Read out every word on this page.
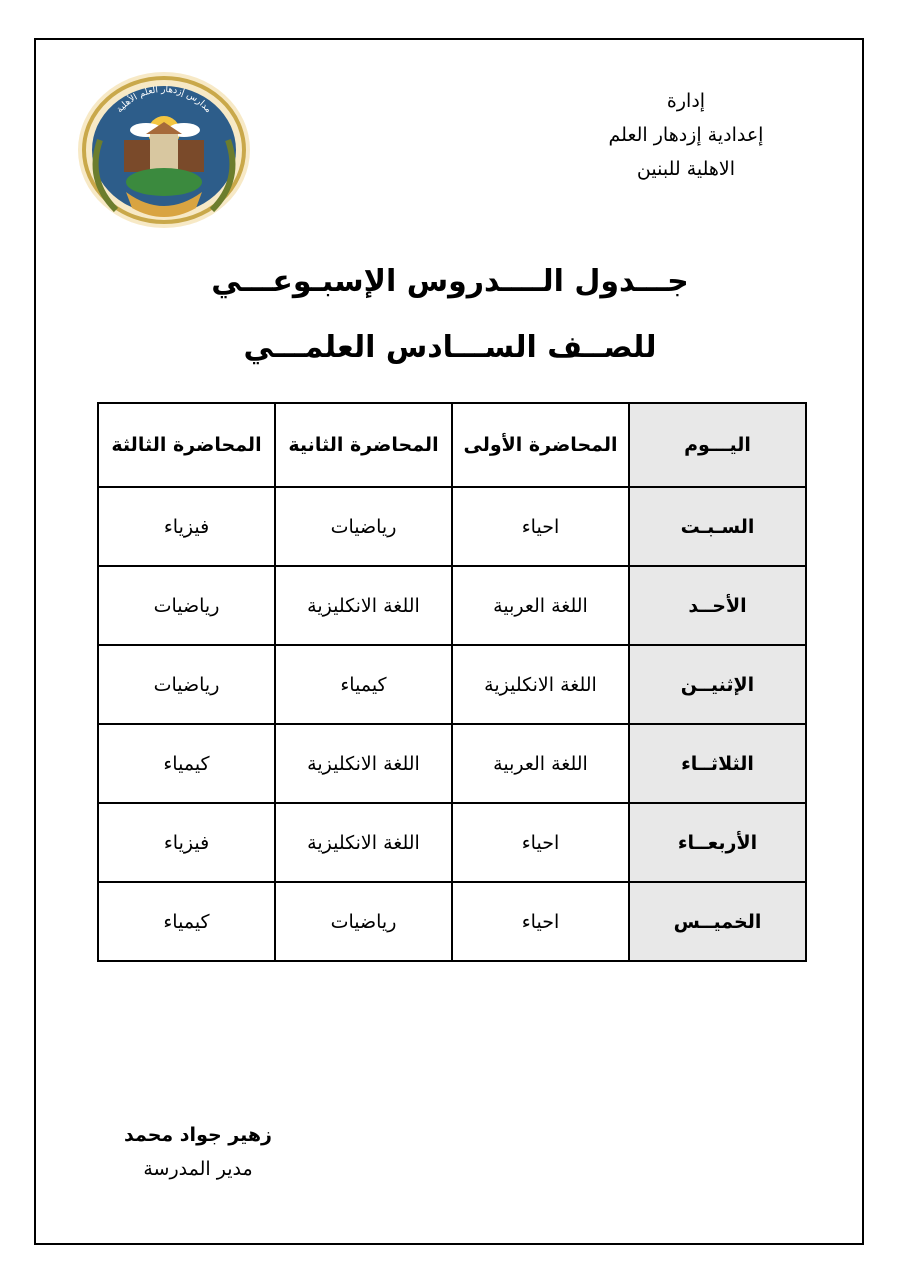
إدارة
إعدادية إزدهار العلم
الاهلية للبنين
مدارس إزدهار العلم الأهلية
جـــدول الــــدروس الإسبـوعـــي
للصــف الســـادس العلمـــي
اليـــوم	المحاضرة الأولى	المحاضرة الثانية	المحاضرة الثالثة
السـبـت	احياء	رياضيات	فيزياء
الأحــد	اللغة العربية	اللغة الانكليزية	رياضيات
الإثنيــن	اللغة الانكليزية	كيمياء	رياضيات
الثلاثــاء	اللغة العربية	اللغة الانكليزية	كيمياء
الأربعــاء	احياء	اللغة الانكليزية	فيزياء
الخميــس	احياء	رياضيات	كيمياء
زهير جواد محمد
مدير المدرسة
